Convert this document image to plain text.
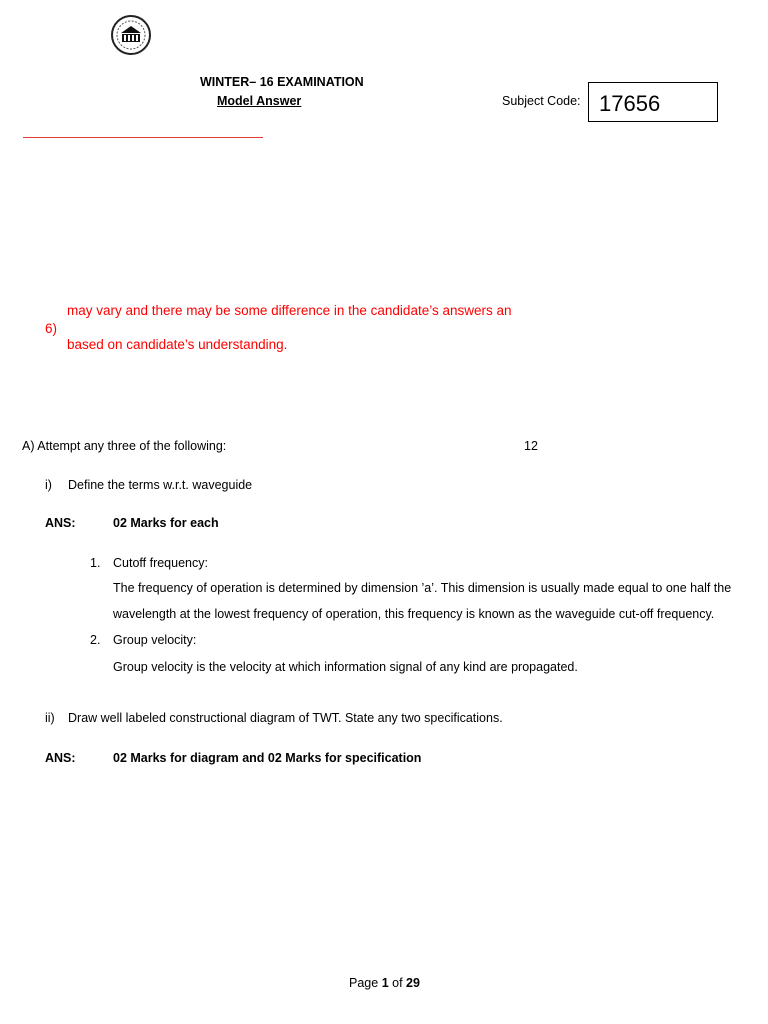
WINTER– 16 EXAMINATION
Model Answer	Subject Code: 17656
may vary and there may be some difference in the candidate’s answers an
6)
based on candidate’s understanding.
A) Attempt any three of the following:	12
i) Define the terms w.r.t. waveguide
ANS:	02 Marks for each
1. Cutoff frequency:
The frequency of operation is determined by dimension ’a’. This dimension is usually made equal to one half the
wavelength at the lowest frequency of operation, this frequency is known as the waveguide cut-off frequency.
2. Group velocity:
Group velocity is the velocity at which information signal of any kind are propagated.
ii) Draw well labeled constructional diagram of TWT. State any two specifications.
ANS:	02 Marks for diagram and 02 Marks for specification
Page 1 of 29
